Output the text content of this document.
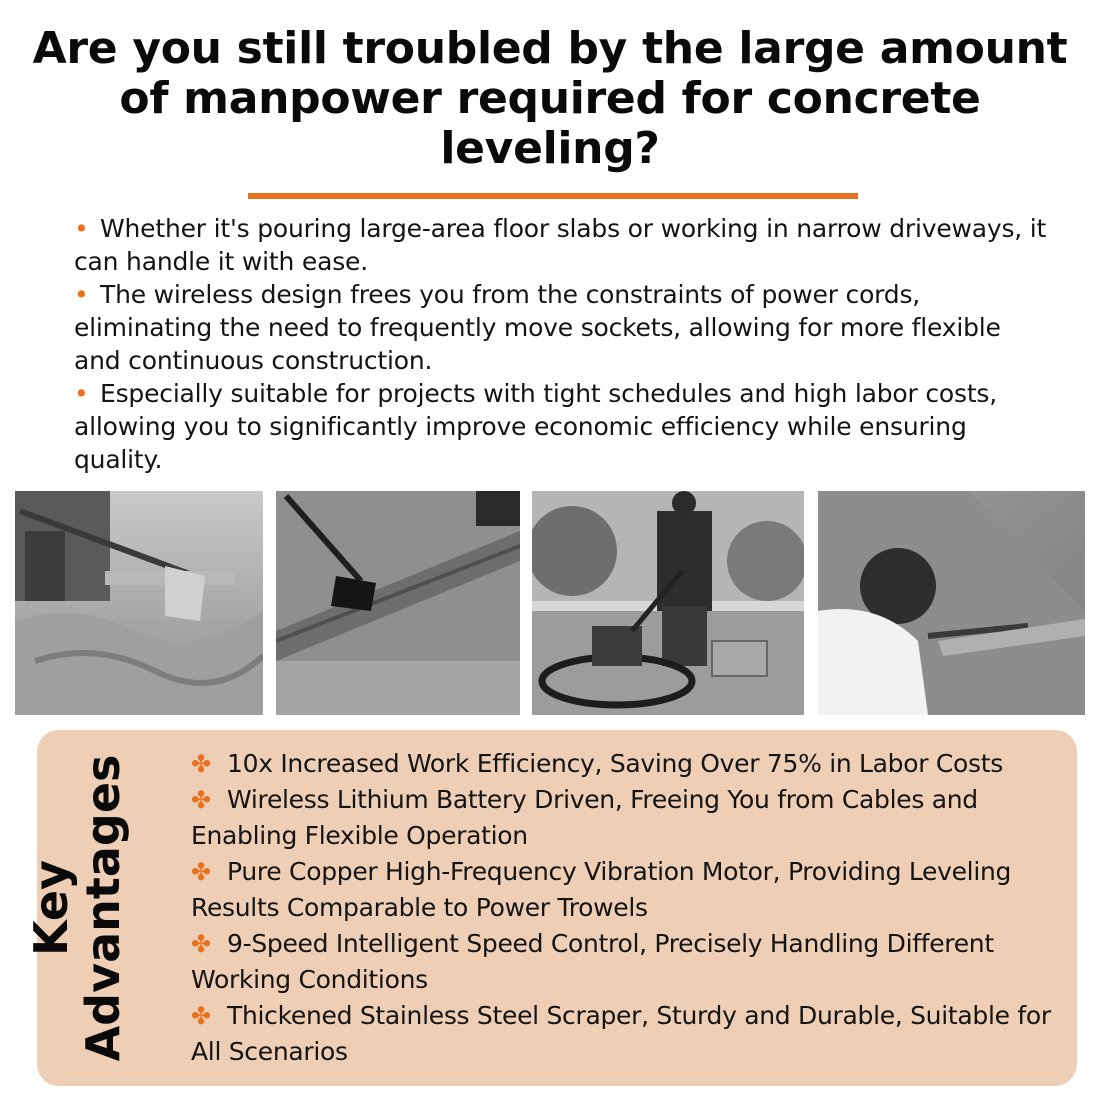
Are you still troubled by the large amount of manpower required for concrete leveling?
• Whether it's pouring large-area floor slabs or working in narrow driveways, it can handle it with ease.
• The wireless design frees you from the constraints of power cords, eliminating the need to frequently move sockets, allowing for more flexible and continuous construction.
• Especially suitable for projects with tight schedules and high labor costs, allowing you to significantly improve economic efficiency while ensuring quality.
Key
Advantages	✤ 10x Increased Work Efficiency, Saving Over 75% in Labor Costs
✤ Wireless Lithium Battery Driven, Freeing You from Cables and Enabling Flexible Operation
✤ Pure Copper High-Frequency Vibration Motor, Providing Leveling Results Comparable to Power Trowels
✤ 9-Speed Intelligent Speed Control, Precisely Handling Different Working Conditions
✤ Thickened Stainless Steel Scraper, Sturdy and Durable, Suitable for All Scenarios
